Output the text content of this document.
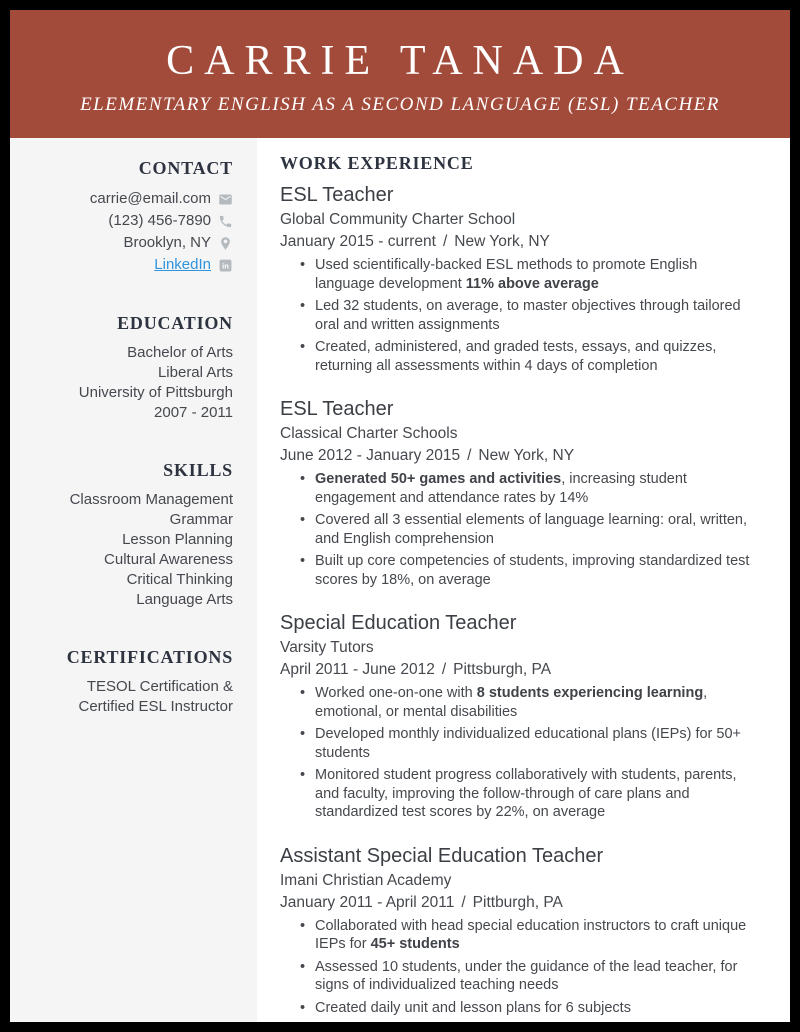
CARRIE TANADA
ELEMENTARY ENGLISH AS A SECOND LANGUAGE (ESL) TEACHER
CONTACT
carrie@email.com
(123) 456-7890
Brooklyn, NY
LinkedIn in
EDUCATION
Bachelor of Arts
Liberal Arts
University of Pittsburgh
2007 - 2011
SKILLS
Classroom Management
Grammar
Lesson Planning
Cultural Awareness
Critical Thinking
Language Arts
CERTIFICATIONS
TESOL Certification &
Certified ESL Instructor
WORK EXPERIENCE
ESL Teacher
Global Community Charter School
January 2015 - current / New York, NY
• Used scientifically-backed ESL methods to promote English language development 11% above average
• Led 32 students, on average, to master objectives through tailored oral and written assignments
• Created, administered, and graded tests, essays, and quizzes, returning all assessments within 4 days of completion
ESL Teacher
Classical Charter Schools
June 2012 - January 2015 / New York, NY
• Generated 50+ games and activities, increasing student engagement and attendance rates by 14%
• Covered all 3 essential elements of language learning: oral, written, and English comprehension
• Built up core competencies of students, improving standardized test scores by 18%, on average
Special Education Teacher
Varsity Tutors
April 2011 - June 2012 / Pittsburgh, PA
• Worked one-on-one with 8 students experiencing learning, emotional, or mental disabilities
• Developed monthly individualized educational plans (IEPs) for 50+ students
• Monitored student progress collaboratively with students, parents, and faculty, improving the follow-through of care plans and standardized test scores by 22%, on average
Assistant Special Education Teacher
Imani Christian Academy
January 2011 - April 2011 / Pittburgh, PA
• Collaborated with head special education instructors to craft unique IEPs for 45+ students
• Assessed 10 students, under the guidance of the lead teacher, for signs of individualized teaching needs
• Created daily unit and lesson plans for 6 subjects
